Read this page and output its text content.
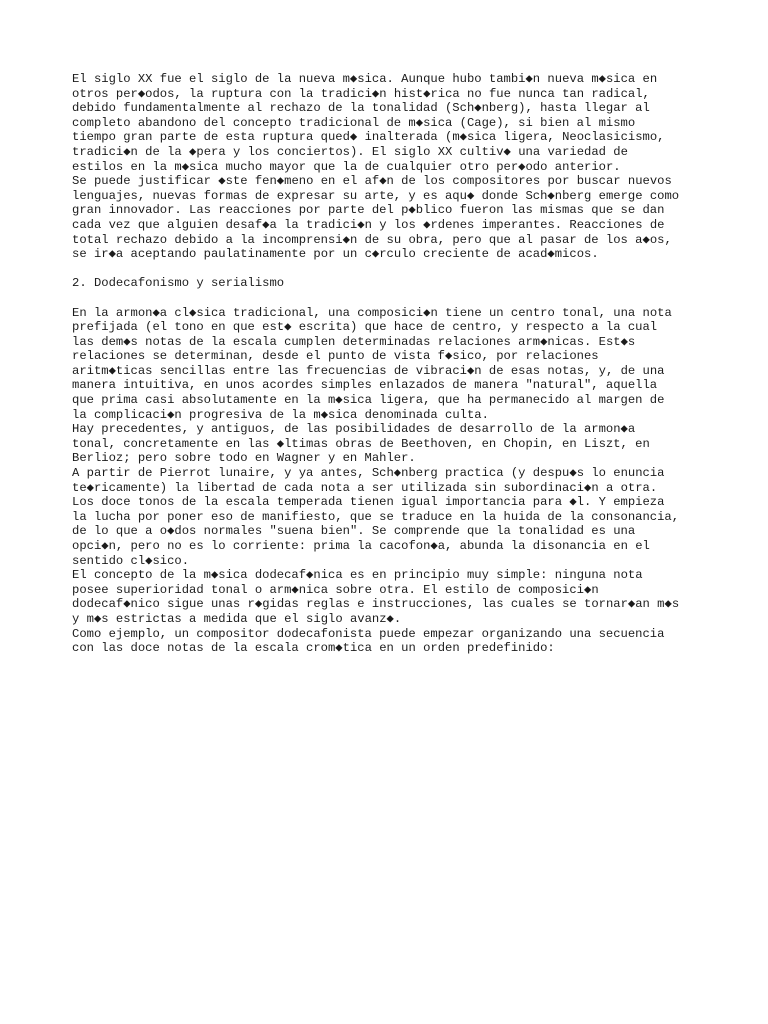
El siglo XX fue el siglo de la nueva m◆sica. Aunque hubo tambi◆n nueva m◆sica en
otros per◆odos, la ruptura con la tradici◆n hist◆rica no fue nunca tan radical,
debido fundamentalmente al rechazo de la tonalidad (Sch◆nberg), hasta llegar al
completo abandono del concepto tradicional de m◆sica (Cage), si bien al mismo
tiempo gran parte de esta ruptura qued◆ inalterada (m◆sica ligera, Neoclasicismo,
tradici◆n de la ◆pera y los conciertos). El siglo XX cultiv◆ una variedad de
estilos en la m◆sica mucho mayor que la de cualquier otro per◆odo anterior.
Se puede justificar ◆ste fen◆meno en el af◆n de los compositores por buscar nuevos
lenguajes, nuevas formas de expresar su arte, y es aqu◆ donde Sch◆nberg emerge como
gran innovador. Las reacciones por parte del p◆blico fueron las mismas que se dan
cada vez que alguien desaf◆a la tradici◆n y los ◆rdenes imperantes. Reacciones de
total rechazo debido a la incomprensi◆n de su obra, pero que al pasar de los a◆os,
se ir◆a aceptando paulatinamente por un c◆rculo creciente de acad◆micos.
2. Dodecafonismo y serialismo
En la armon◆a cl◆sica tradicional, una composici◆n tiene un centro tonal, una nota
prefijada (el tono en que est◆ escrita) que hace de centro, y respecto a la cual
las dem◆s notas de la escala cumplen determinadas relaciones arm◆nicas. Est◆s
relaciones se determinan, desde el punto de vista f◆sico, por relaciones
aritm◆ticas sencillas entre las frecuencias de vibraci◆n de esas notas, y, de una
manera intuitiva, en unos acordes simples enlazados de manera "natural", aquella
que prima casi absolutamente en la m◆sica ligera, que ha permanecido al margen de
la complicaci◆n progresiva de la m◆sica denominada culta.
Hay precedentes, y antiguos, de las posibilidades de desarrollo de la armon◆a
tonal, concretamente en las ◆ltimas obras de Beethoven, en Chopin, en Liszt, en
Berlioz; pero sobre todo en Wagner y en Mahler.
A partir de Pierrot lunaire, y ya antes, Sch◆nberg practica (y despu◆s lo enuncia
te◆ricamente) la libertad de cada nota a ser utilizada sin subordinaci◆n a otra.
Los doce tonos de la escala temperada tienen igual importancia para ◆l. Y empieza
la lucha por poner eso de manifiesto, que se traduce en la huida de la consonancia,
de lo que a o◆dos normales "suena bien". Se comprende que la tonalidad es una
opci◆n, pero no es lo corriente: prima la cacofon◆a, abunda la disonancia en el
sentido cl◆sico.
El concepto de la m◆sica dodecaf◆nica es en principio muy simple: ninguna nota
posee superioridad tonal o arm◆nica sobre otra. El estilo de composici◆n
dodecaf◆nico sigue unas r◆gidas reglas e instrucciones, las cuales se tornar◆an m◆s
y m◆s estrictas a medida que el siglo avanz◆.
Como ejemplo, un compositor dodecafonista puede empezar organizando una secuencia
con las doce notas de la escala crom◆tica en un orden predefinido:
